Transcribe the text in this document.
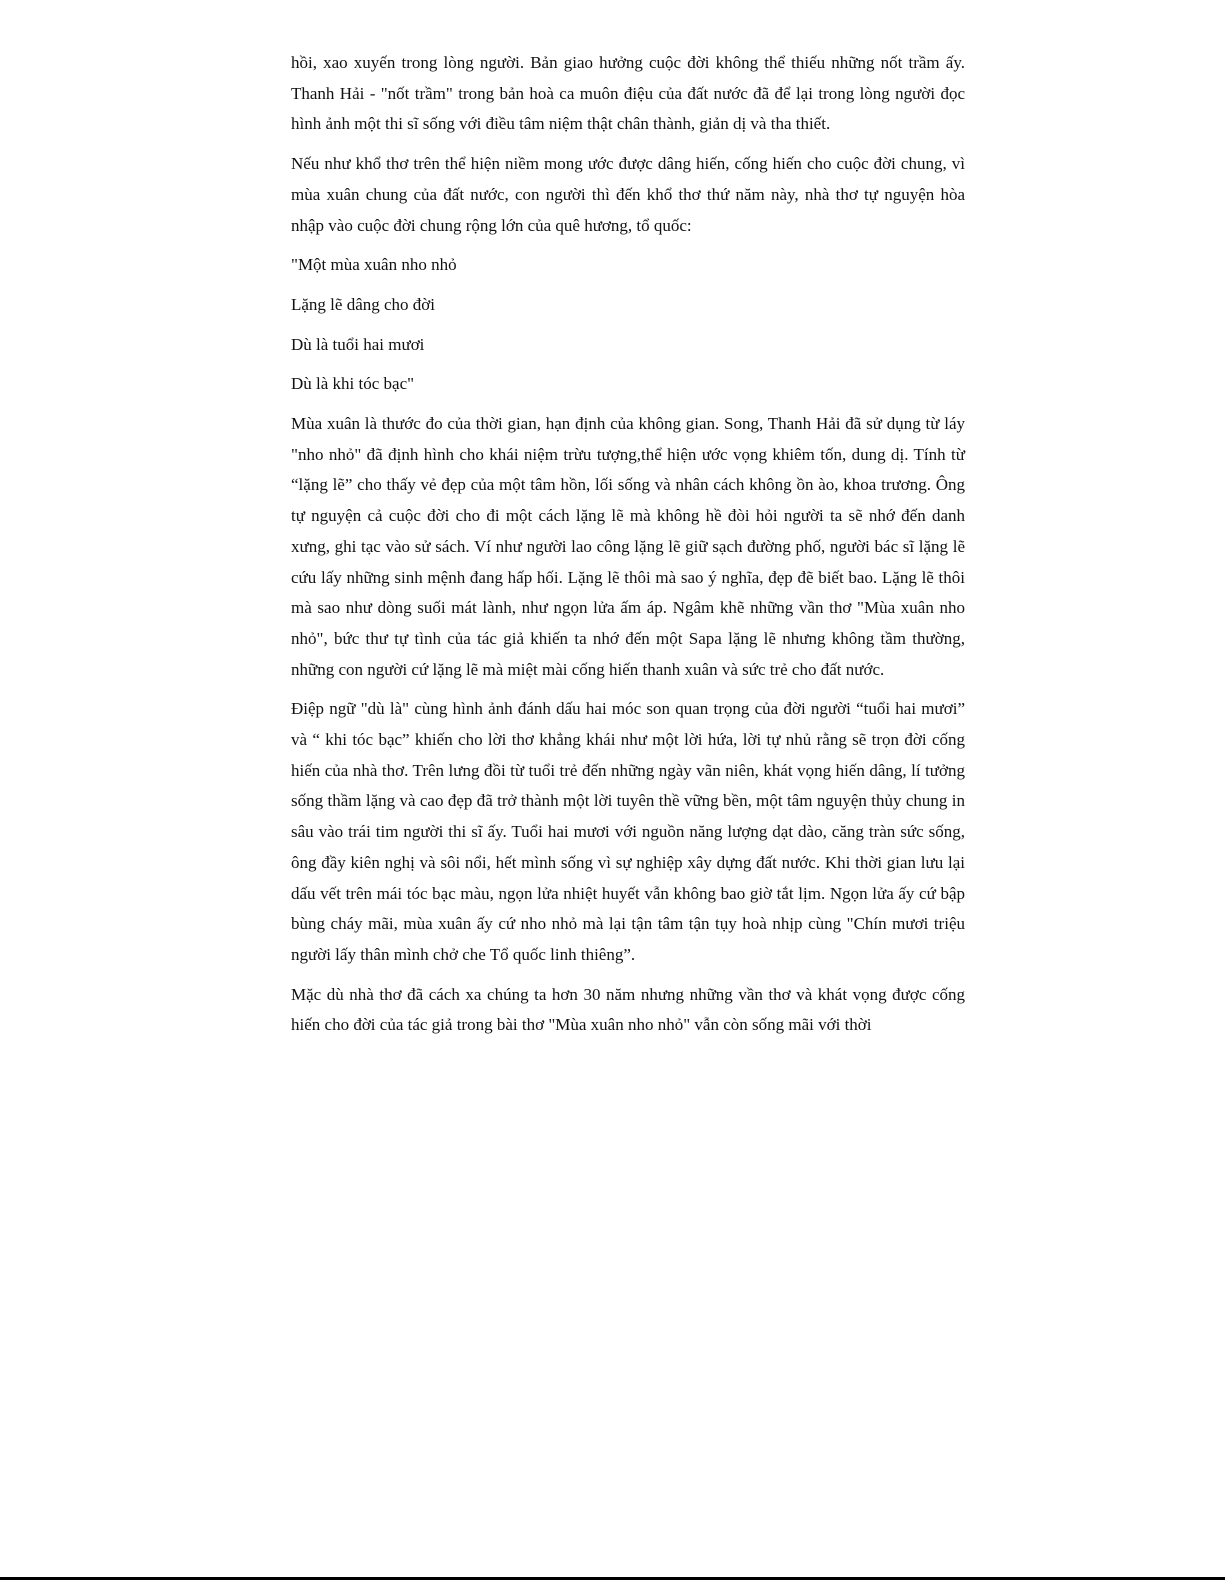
hồi, xao xuyến trong lòng người. Bản giao hưởng cuộc đời không thể thiếu những nốt trầm ấy. Thanh Hải - "nốt trầm" trong bản hoà ca muôn điệu của đất nước đã để lại trong lòng người đọc hình ảnh một thi sĩ sống với điều tâm niệm thật chân thành, giản dị và tha thiết.

Nếu như khổ thơ trên thể hiện niềm mong ước được dâng hiến, cống hiến cho cuộc đời chung, vì mùa xuân chung của đất nước, con người thì đến khổ thơ thứ năm này, nhà thơ tự nguyện hòa nhập vào cuộc đời chung rộng lớn của quê hương, tổ quốc:

"Một mùa xuân nho nhỏ

Lặng lẽ dâng cho đời

Dù là tuổi hai mươi

Dù là khi tóc bạc"

Mùa xuân là thước đo của thời gian, hạn định của không gian. Song, Thanh Hải đã sử dụng từ láy "nho nhỏ" đã định hình cho khái niệm trừu tượng,thể hiện ước vọng khiêm tốn, dung dị. Tính từ “lặng lẽ” cho thấy vẻ đẹp của một tâm hồn, lối sống và nhân cách không ồn ào, khoa trương. Ông tự nguyện cả cuộc đời cho đi một cách lặng lẽ mà không hề đòi hỏi người ta sẽ nhớ đến danh xưng, ghi tạc vào sử sách. Ví như người lao công lặng lẽ giữ sạch đường phố, người bác sĩ lặng lẽ cứu lấy những sinh mệnh đang hấp hối. Lặng lẽ thôi mà sao ý nghĩa, đẹp đẽ biết bao. Lặng lẽ thôi mà sao như dòng suối mát lành, như ngọn lửa ấm áp. Ngâm khẽ những vần thơ "Mùa xuân nho nhỏ", bức thư tự tình của tác giả khiến ta nhớ đến một Sapa lặng lẽ nhưng không tầm thường, những con người cứ lặng lẽ mà miệt mài cống hiến thanh xuân và sức trẻ cho đất nước.

Điệp ngữ "dù là" cùng hình ảnh đánh dấu hai móc son quan trọng của đời người “tuổi hai mươi” và “ khi tóc bạc” khiến cho lời thơ khẳng khái như một lời hứa, lời tự nhủ rằng sẽ trọn đời cống hiến của nhà thơ. Trên lưng đồi từ tuổi trẻ đến những ngày vãn niên, khát vọng hiến dâng, lí tưởng sống thầm lặng và cao đẹp đã trở thành một lời tuyên thề vững bền, một tâm nguyện thủy chung in sâu vào trái tim người thi sĩ ấy. Tuổi hai mươi với nguồn năng lượng dạt dào, căng tràn sức sống, ông đầy kiên nghị và sôi nổi, hết mình sống vì sự nghiệp xây dựng đất nước. Khi thời gian lưu lại dấu vết trên mái tóc bạc màu, ngọn lửa nhiệt huyết vẫn không bao giờ tắt lịm. Ngọn lửa ấy cứ bập bùng cháy mãi, mùa xuân ấy cứ nho nhỏ mà lại tận tâm tận tụy hoà nhịp cùng "Chín mươi triệu người lấy thân mình chở che Tổ quốc linh thiêng”.

Mặc dù nhà thơ đã cách xa chúng ta hơn 30 năm nhưng những vần thơ và khát vọng được cống hiến cho đời của tác giả trong bài thơ "Mùa xuân nho nhỏ" vẫn còn sống mãi với thời
